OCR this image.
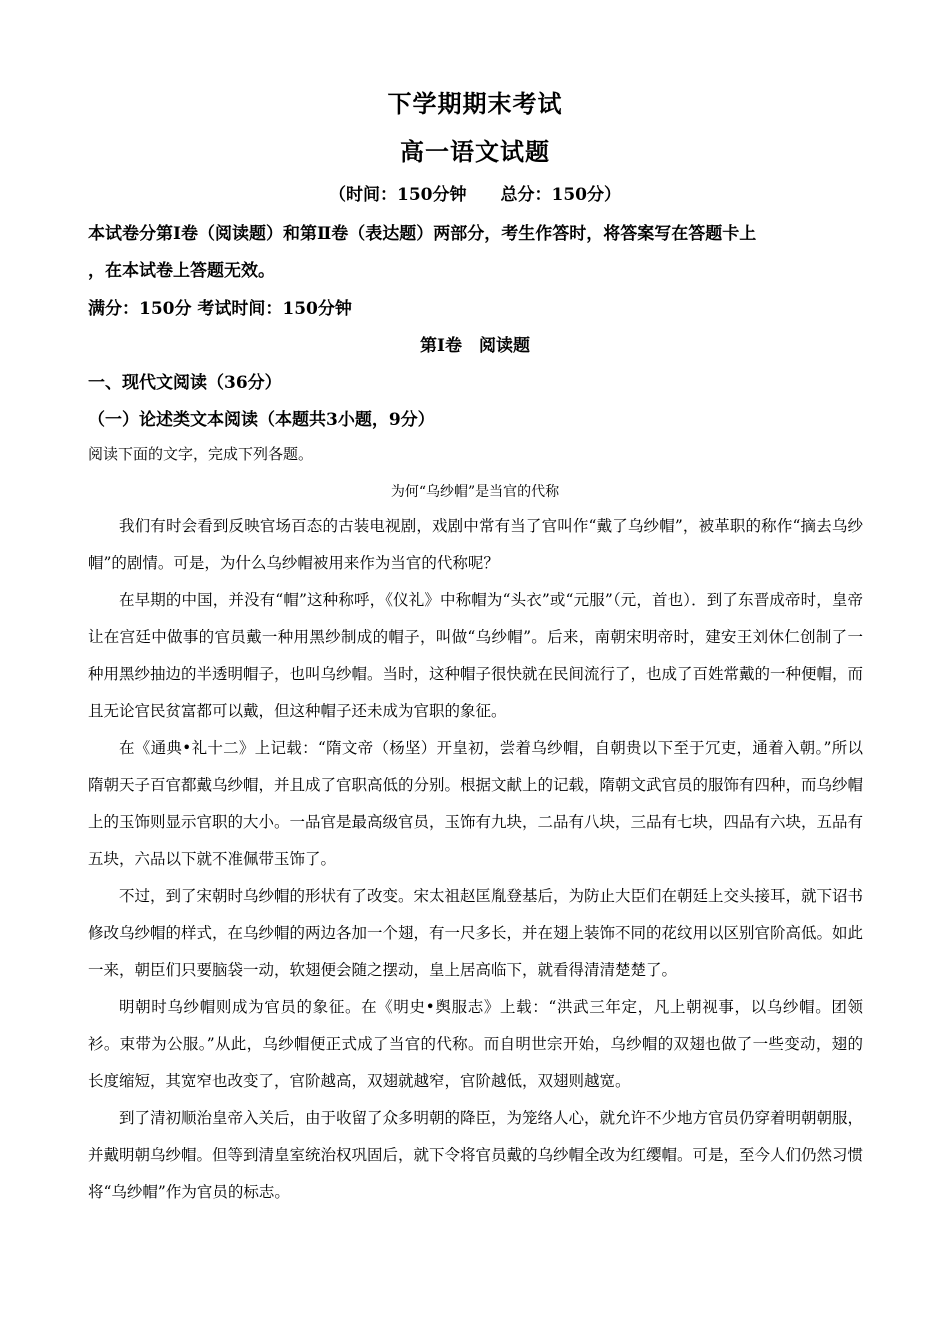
下学期期末考试
高一语文试题
（时间：150分钟　　总分：150分）
本试卷分第Ⅰ卷（阅读题）和第Ⅱ卷（表达题）两部分，考生作答时，将答案写在答题卡上
，在本试卷上答题无效。
满分：150分 考试时间：150分钟
第Ⅰ卷　阅读题
一、现代文阅读（36分）
（一）论述类文本阅读（本题共3小题，9分）
阅读下面的文字，完成下列各题。
为何“乌纱帽”是当官的代称

我们有时会看到反映官场百态的古装电视剧，戏剧中常有当了官叫作“戴了乌纱帽”，被革职的称作“摘去乌纱帽”的剧情。可是，为什么乌纱帽被用来作为当官的代称呢？

在早期的中国，并没有“帽”这种称呼，《仪礼》中称帽为“头衣”或“元服”（元，首也）．到了东晋成帝时，皇帝让在宫廷中做事的官员戴一种用黑纱制成的帽子，叫做“乌纱帽”。后来，南朝宋明帝时，建安王刘休仁创制了一种用黑纱抽边的半透明帽子，也叫乌纱帽。当时，这种帽子很快就在民间流行了，也成了百姓常戴的一种便帽，而且无论官民贫富都可以戴，但这种帽子还未成为官职的象征。

在《通典•礼十二》上记载：“隋文帝（杨坚）开皇初，尝着乌纱帽，自朝贵以下至于冗吏，通着入朝。”所以隋朝天子百官都戴乌纱帽，并且成了官职高低的分别。根据文献上的记载，隋朝文武官员的服饰有四种，而乌纱帽上的玉饰则显示官职的大小。一品官是最高级官员，玉饰有九块，二品有八块，三品有七块，四品有六块，五品有五块，六品以下就不准佩带玉饰了。

不过，到了宋朝时乌纱帽的形状有了改变。宋太祖赵匡胤登基后，为防止大臣们在朝廷上交头接耳，就下诏书修改乌纱帽的样式，在乌纱帽的两边各加一个翅，有一尺多长，并在翅上装饰不同的花纹用以区别官阶高低。如此一来，朝臣们只要脑袋一动，软翅便会随之摆动，皇上居高临下，就看得清清楚楚了。

明朝时乌纱帽则成为官员的象征。在《明史•舆服志》上载：“洪武三年定，凡上朝视事，以乌纱帽。团领衫。束带为公服。”从此，乌纱帽便正式成了当官的代称。而自明世宗开始，乌纱帽的双翅也做了一些变动，翅的长度缩短，其宽窄也改变了，官阶越高，双翅就越窄，官阶越低，双翅则越宽。

到了清初顺治皇帝入关后，由于收留了众多明朝的降臣，为笼络人心，就允许不少地方官员仍穿着明朝朝服，并戴明朝乌纱帽。但等到清皇室统治权巩固后，就下令将官员戴的乌纱帽全改为红缨帽。可是，至今人们仍然习惯将“乌纱帽”作为官员的标志。
